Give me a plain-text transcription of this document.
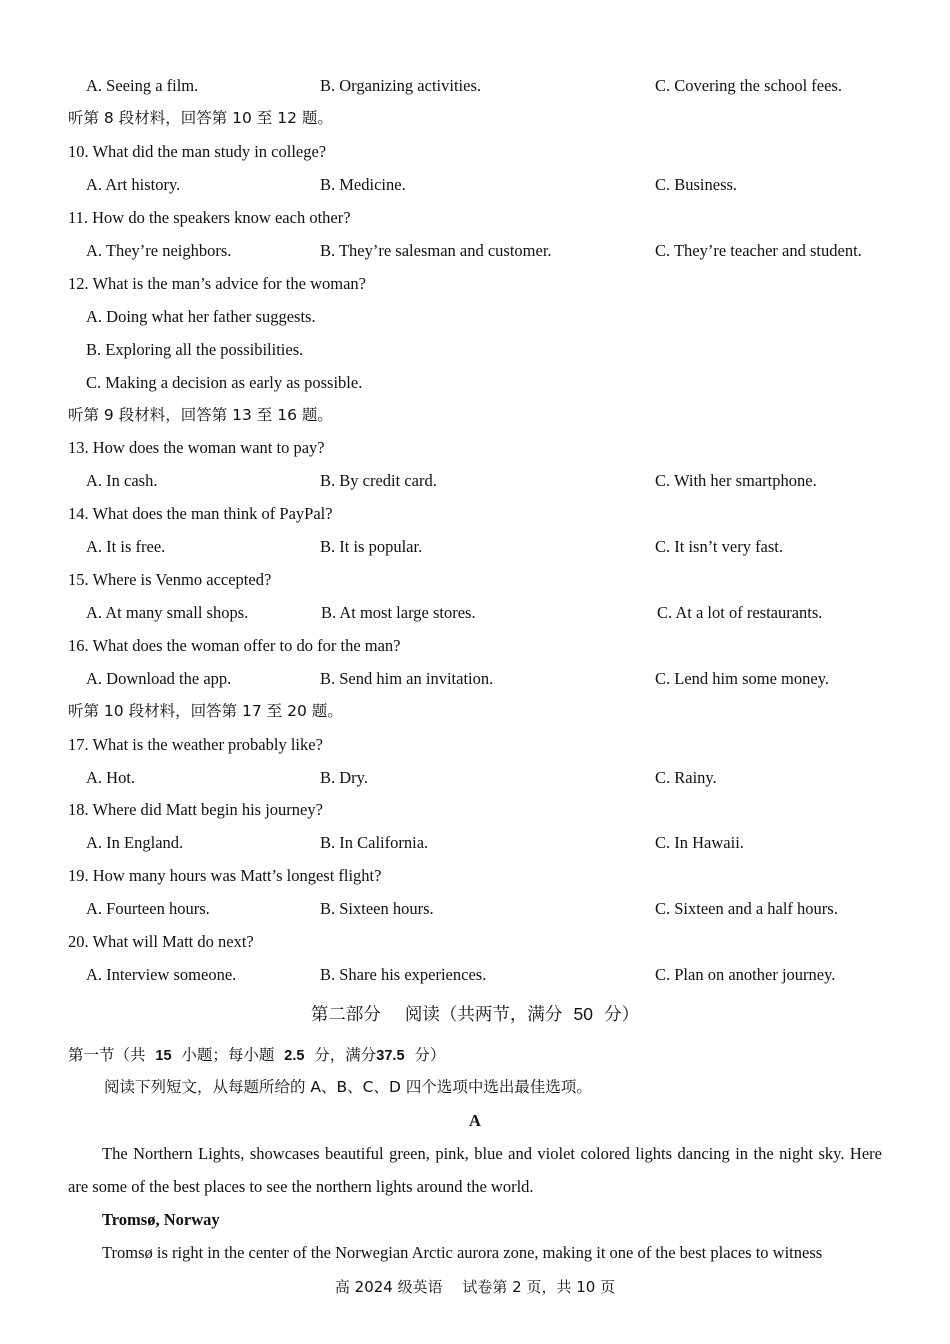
A. Seeing a film.	B. Organizing activities.	C. Covering the school fees.
听第 8 段材料，回答第 10 至 12 题。
10. What did the man study in college?
A. Art history.	B. Medicine.	C. Business.
11. How do the speakers know each other?
A. They’re neighbors.	B. They’re salesman and customer.	C. They’re teacher and student.
12. What is the man’s advice for the woman?
A. Doing what her father suggests.
B. Exploring all the possibilities.
C. Making a decision as early as possible.
听第 9 段材料，回答第 13 至 16 题。
13. How does the woman want to pay?
A. In cash.	B. By credit card.	C. With her smartphone.
14. What does the man think of PayPal?
A. It is free.	B. It is popular.	C. It isn’t very fast.
15. Where is Venmo accepted?
A. At many small shops.	B. At most large stores.	C. At a lot of restaurants.
16. What does the woman offer to do for the man?
A. Download the app.	B. Send him an invitation.	C. Lend him some money.
听第 10 段材料，回答第 17 至 20 题。
17. What is the weather probably like?
A. Hot.	B. Dry.	C. Rainy.
18. Where did Matt begin his journey?
A. In England.	B. In California.	C. In Hawaii.
19. How many hours was Matt’s longest flight?
A. Fourteen hours.	B. Sixteen hours.	C. Sixteen and a half hours.
20. What will Matt do next?
A. Interview someone.	B. Share his experiences.	C. Plan on another journey.
第二部分 阅读（共两节，满分 50 分）
第一节（共 15 小题；每小题 2.5 分，满分37.5 分）
阅读下列短文，从每题所给的 A、B、C、D 四个选项中选出最佳选项。
A
The Northern Lights, showcases beautiful green, pink, blue and violet colored lights dancing in the night sky. Here are some of the best places to see the northern lights around the world.
Tromsø, Norway
Tromsø is right in the center of the Norwegian Arctic aurora zone, making it one of the best places to witness
高 2024 级英语　 试卷第 2 页，共 10 页
